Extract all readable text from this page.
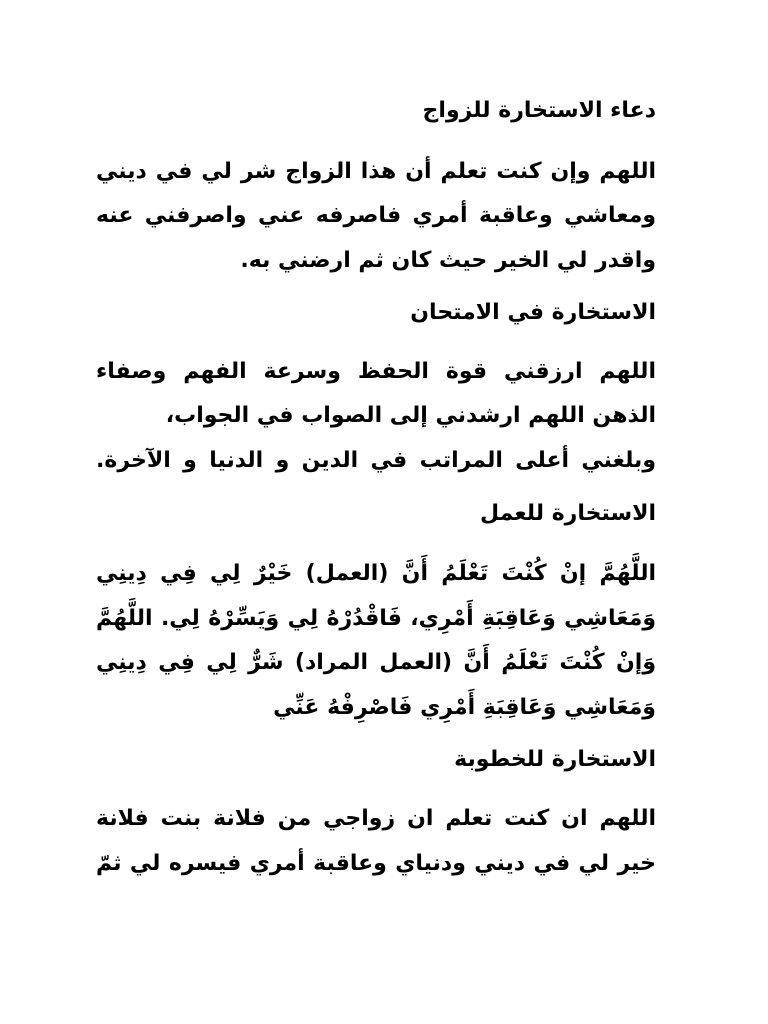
دعاء الاستخارة للزواج

اللهم وإن كنت تعلم أن هذا الزواج شر لي في ديني

ومعاشي وعاقبة أمري فاصرفه عني واصرفني عنه

واقدر لي الخير حيث كان ثم ارضني به.

الاستخارة في الامتحان

اللهم ارزقني قوة الحفظ وسرعة الفهم وصفاء

الذهن اللهم ارشدني إلى الصواب في الجواب،

وبلغني أعلى المراتب في الدين و الدنيا و الآخرة.

الاستخارة للعمل

اللَّهُمَّ إنْ كُنْتَ تَعْلَمُ أَنَّ (العمل) خَيْرٌ لِي فِي دِينِي

وَمَعَاشِي وَعَاقِبَةِ أَمْرِي، فَاقْدُرْهُ لِي وَيَسِّرْهُ لِي. اللَّهُمَّ

وَإنْ كُنْتَ تَعْلَمُ أَنَّ (العمل المراد) شَرٌّ لِي فِي دِينِي

وَمَعَاشِي وَعَاقِبَةِ أَمْرِي فَاصْرِفْهُ عَنِّي

الاستخارة للخطوبة

اللهم ان كنت تعلم ان زواجي من فلانة بنت فلانة

خير لي في ديني ودنياي وعاقبة أمري فيسره لي ثمّ
